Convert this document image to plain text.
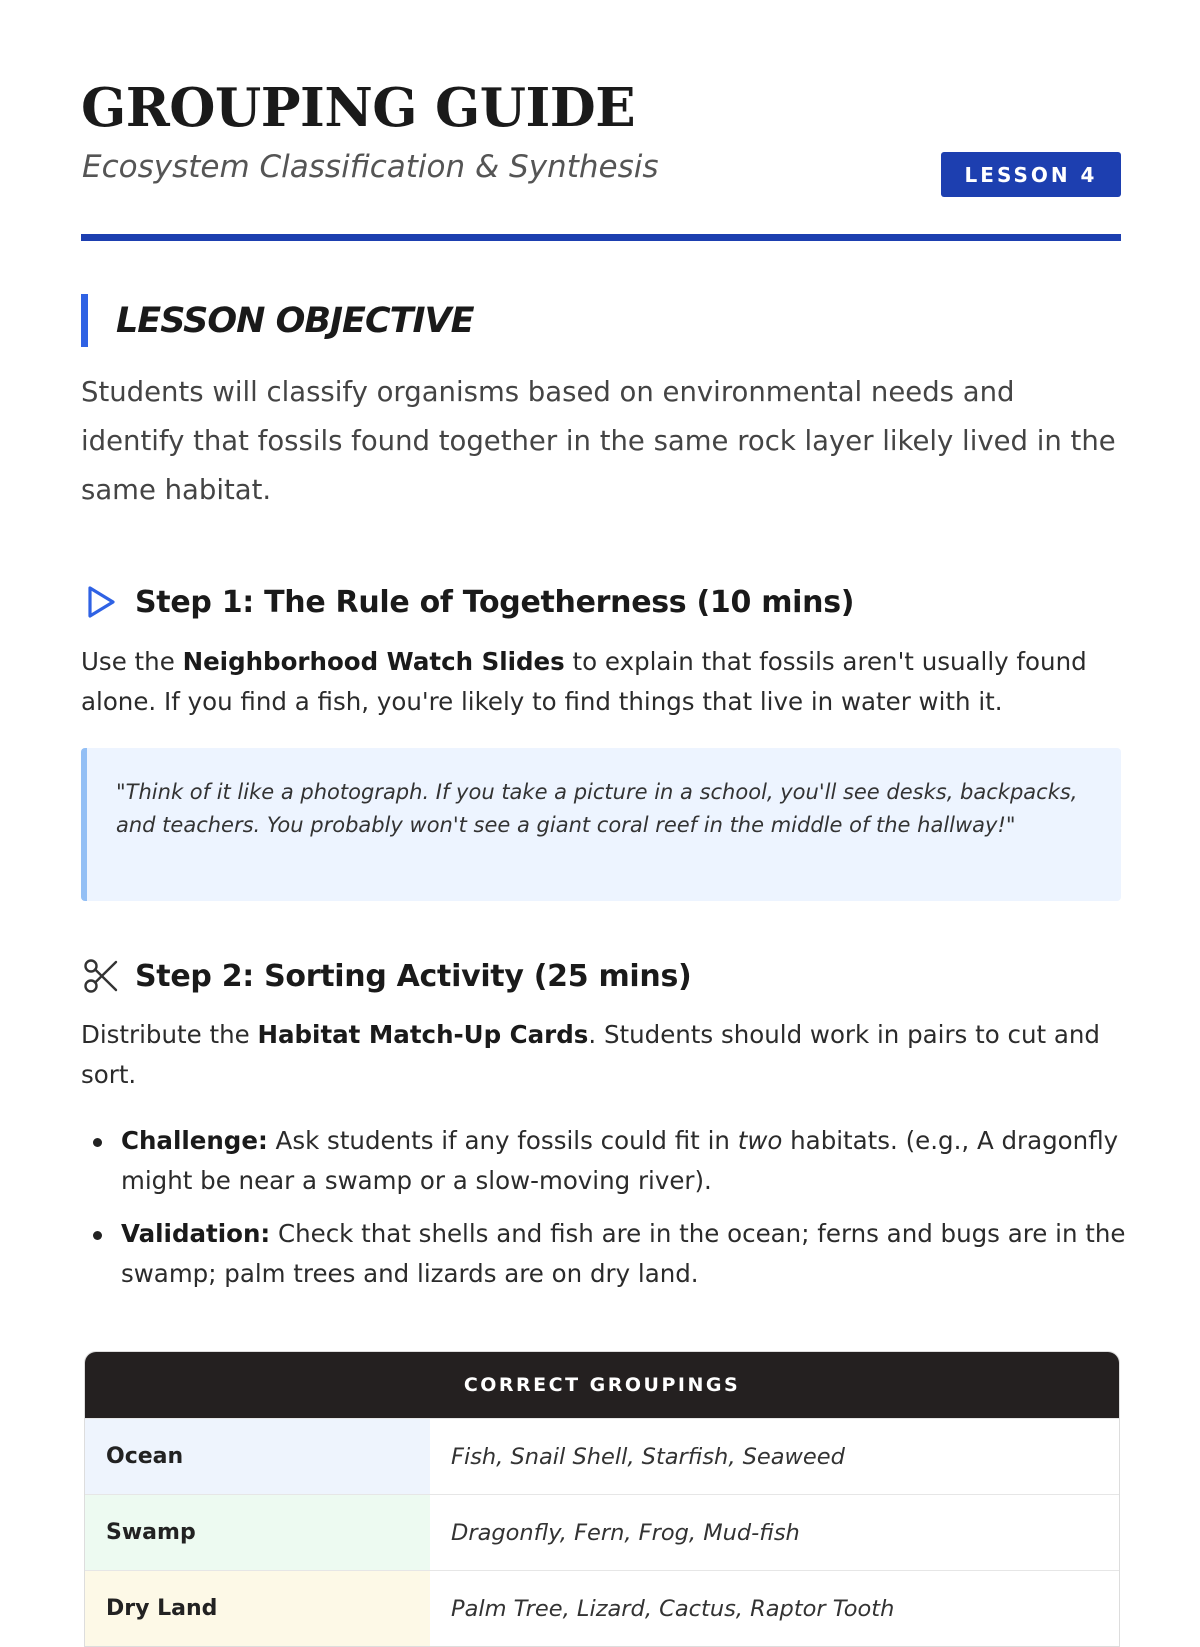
GROUPING GUIDE
Ecosystem Classification & Synthesis	LESSON 4
LESSON OBJECTIVE

Students will classify organisms based on environmental needs and identify that fossils found together in the same rock layer likely lived in the same habitat.

Step 1: The Rule of Togetherness (10 mins)

Use the Neighborhood Watch Slides to explain that fossils aren't usually found alone. If you find a fish, you're likely to find things that live in water with it.

"Think of it like a photograph. If you take a picture in a school, you'll see desks, backpacks, and teachers. You probably won't see a giant coral reef in the middle of the hallway!"
Step 2: Sorting Activity (25 mins)

Distribute the Habitat Match-Up Cards. Students should work in pairs to cut and sort.

Challenge: Ask students if any fossils could fit in two habitats. (e.g., A dragonfly might be near a swamp or a slow-moving river).
Validation: Check that shells and fish are in the ocean; ferns and bugs are in the swamp; palm trees and lizards are on dry land.
CORRECT GROUPINGS
Ocean	Fish, Snail Shell, Starfish, Seaweed
Swamp	Dragonfly, Fern, Frog, Mud-fish
Dry Land	Palm Tree, Lizard, Cactus, Raptor Tooth
